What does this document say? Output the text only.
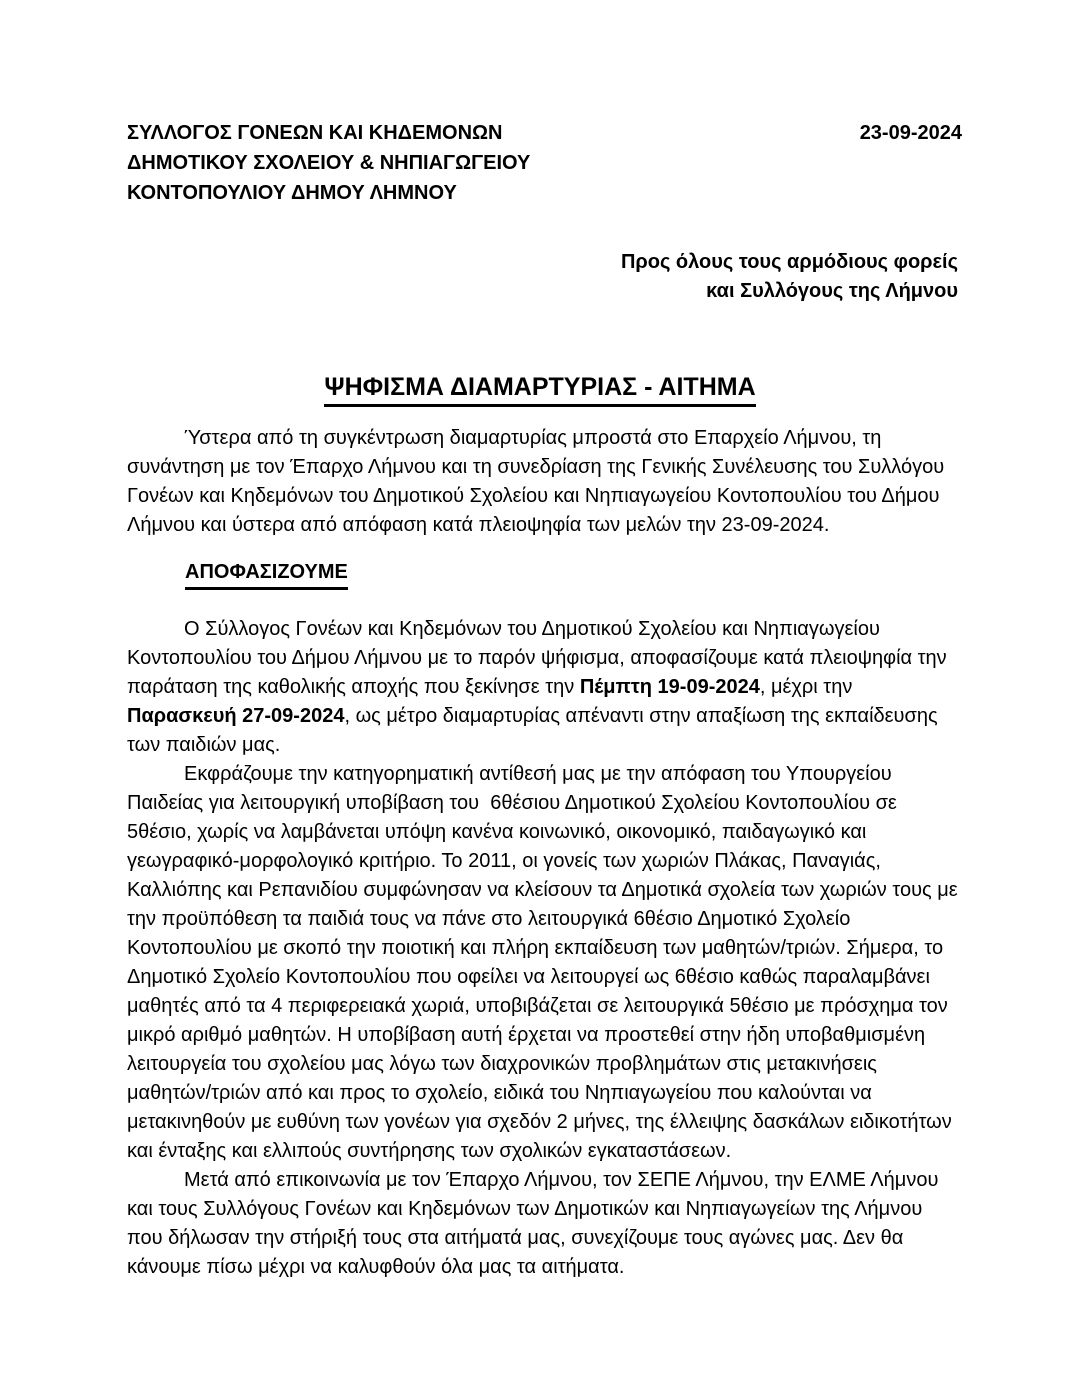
ΣΥΛΛΟΓΟΣ ΓΟΝΕΩΝ ΚΑΙ ΚΗΔΕΜΟΝΩΝ
ΔΗΜΟΤΙΚΟΥ ΣΧΟΛΕΙΟΥ & ΝΗΠΙΑΓΩΓΕΙΟΥ
ΚΟΝΤΟΠΟΥΛΙΟΥ ΔΗΜΟΥ ΛΗΜΝΟΥ
23-09-2024
Προς όλους τους αρμόδιους φορείς
και Συλλόγους της Λήμνου
ΨΗΦΙΣΜΑ ΔΙΑΜΑΡΤΥΡΙΑΣ - ΑΙΤΗΜΑ

Ύστερα από τη συγκέντρωση διαμαρτυρίας μπροστά στο Επαρχείο Λήμνου, τη συνάντηση με τον Έπαρχο Λήμνου και τη συνεδρίαση της Γενικής Συνέλευσης του Συλλόγου Γονέων και Κηδεμόνων του Δημοτικού Σχολείου και Νηπιαγωγείου Κοντοπουλίου του Δήμου Λήμνου και ύστερα από απόφαση κατά πλειοψηφία των μελών την 23-09-2024.

ΑΠΟΦΑΣΙΖΟΥΜΕ

Ο Σύλλογος Γονέων και Κηδεμόνων του Δημοτικού Σχολείου και Νηπιαγωγείου Κοντοπουλίου του Δήμου Λήμνου με το παρόν ψήφισμα, αποφασίζουμε κατά πλειοψηφία την παράταση της καθολικής αποχής που ξεκίνησε την Πέμπτη 19-09-2024, μέχρι την Παρασκευή 27-09-2024, ως μέτρο διαμαρτυρίας απέναντι στην απαξίωση της εκπαίδευσης των παιδιών μας.

Εκφράζουμε την κατηγορηματική αντίθεσή μας με την απόφαση του Υπουργείου Παιδείας για λειτουργική υποβίβαση του  6θέσιου Δημοτικού Σχολείου Κοντοπουλίου σε 5θέσιο, χωρίς να λαμβάνεται υπόψη κανένα κοινωνικό, οικονομικό, παιδαγωγικό και γεωγραφικό-μορφολογικό κριτήριο. Το 2011, οι γονείς των χωριών Πλάκας, Παναγιάς, Καλλιόπης και Ρεπανιδίου συμφώνησαν να κλείσουν τα Δημοτικά σχολεία των χωριών τους με την προϋπόθεση τα παιδιά τους να πάνε στο λειτουργικά 6θέσιο Δημοτικό Σχολείο Κοντοπουλίου με σκοπό την ποιοτική και πλήρη εκπαίδευση των μαθητών/τριών. Σήμερα, το Δημοτικό Σχολείο Κοντοπουλίου που οφείλει να λειτουργεί ως 6θέσιο καθώς παραλαμβάνει μαθητές από τα 4 περιφερειακά χωριά, υποβιβάζεται σε λειτουργικά 5θέσιο με πρόσχημα τον μικρό αριθμό μαθητών. Η υποβίβαση αυτή έρχεται να προστεθεί στην ήδη υποβαθμισμένη λειτουργεία του σχολείου μας λόγω των διαχρονικών προβλημάτων στις μετακινήσεις μαθητών/τριών από και προς το σχολείο, ειδικά του Νηπιαγωγείου που καλούνται να μετακινηθούν με ευθύνη των γονέων για σχεδόν 2 μήνες, της έλλειψης δασκάλων ειδικοτήτων και ένταξης και ελλιπούς συντήρησης των σχολικών εγκαταστάσεων.

Μετά από επικοινωνία με τον Έπαρχο Λήμνου, τον ΣΕΠΕ Λήμνου, την ΕΛΜΕ Λήμνου και τους Συλλόγους Γονέων και Κηδεμόνων των Δημοτικών και Νηπιαγωγείων της Λήμνου που δήλωσαν την στήριξή τους στα αιτήματά μας, συνεχίζουμε τους αγώνες μας. Δεν θα κάνουμε πίσω μέχρι να καλυφθούν όλα μας τα αιτήματα.
